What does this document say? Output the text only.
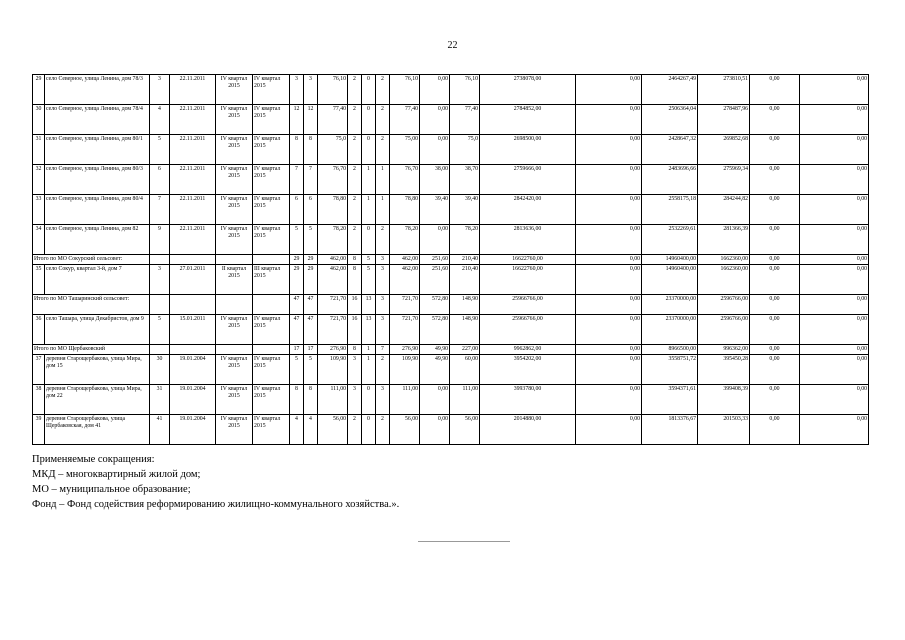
22
29	село Северное, улица Ленина, дом 78/3	3	22.11.2011	IV квартал 2015	IV квартал 2015	3	3	76,10	2	0	2	76,10	0,00	76,10	2738078,00	0,00	2464267,49	273810,51	0,00	0,00
30	село Северное, улица Ленина, дом 78/4	4	22.11.2011	IV квартал 2015	IV квартал 2015	12	12	77,40	2	0	2	77,40	0,00	77,40	2784852,00	0,00	2506364,04	278487,96	0,00	0,00
31	село Северное, улица Ленина, дом 80/1	5	22.11.2011	IV квартал 2015	IV квартал 2015	8	8	75,0	2	0	2	75,00	0,00	75,0	2698500,00	0,00	2428647,32	269852,68	0,00	0,00
32	село Северное, улица Ленина, дом 80/3	6	22.11.2011	IV квартал 2015	IV квартал 2015	7	7	76,70	2	1	1	76,70	38,00	38,70	2759666,00	0,00	2483696,66	275969,34	0,00	0,00
33	село Северное, улица Ленина, дом 80/4	7	22.11.2011	IV квартал 2015	IV квартал 2015	6	6	78,80	2	1	1	78,80	39,40	39,40	2842420,00	0,00	2558175,18	284244,82	0,00	0,00
34	село Северное, улица Ленина, дом 82	9	22.11.2011	IV квартал 2015	IV квартал 2015	5	5	78,20	2	0	2	78,20	0,00	78,20	2813636,00	0,00	2532269,61	281366,39	0,00	0,00
Итого по МО Сокурский сельсовет:						29	29	462,00	8	5	3	462,00	251,60	210,40	16622760,00	0,00	14960400,00	1662360,00	0,00	0,00
35	село Сокур, квартал 3-й, дом 7	3	27.01.2011	II квартал 2015	III квартал 2015	29	29	462,00	8	5	3	462,00	251,60	210,40	16622760,00	0,00	14960400,00	1662360,00	0,00	0,00
Итого по МО Ташаринский сельсовет:						47	47	721,70	16	13	3	721,70	572,80	148,90	25966766,00	0,00	23370000,00	2596766,00	0,00	0,00
36	село Ташара, улица Декабристов, дом 9	5	15.01.2011	IV квартал 2015	IV квартал 2015	47	47	721,70	16	13	3	721,70	572,80	148,90	25966766,00	0,00	23370000,00	2596766,00	0,00	0,00
Итого по МО Щербаковский						17	17	276,90	8	1	7	276,90	49,90	227,00	9962862,00	0,00	8966500,00	996362,00	0,00	0,00
37	деревня Старощербакова, улица Мира, дом 15	30	19.01.2004	IV квартал 2015	IV квартал 2015	5	5	109,90	3	1	2	109,90	49,90	60,00	3954202,00	0,00	3558751,72	395450,28	0,00	0,00
38	деревня Старощербакова, улица Мира, дом 22	31	19.01.2004	IV квартал 2015	IV квартал 2015	8	8	111,00	3	0	3	111,00	0,00	111,00	3993780,00	0,00	3594371,61	399408,39	0,00	0,00
39	деревня Старощербакова, улица Щербаковская, дом 41	41	19.01.2004	IV квартал 2015	IV квартал 2015	4	4	56,00	2	0	2	56,00	0,00	56,00	2014880,00	0,00	1813376,67	201503,33	0,00	0,00
Применяемые сокращения:
МКД – многоквартирный жилой дом;
МО – муниципальное образование;
Фонд – Фонд содействия реформированию жилищно-коммунального хозяйства.».
